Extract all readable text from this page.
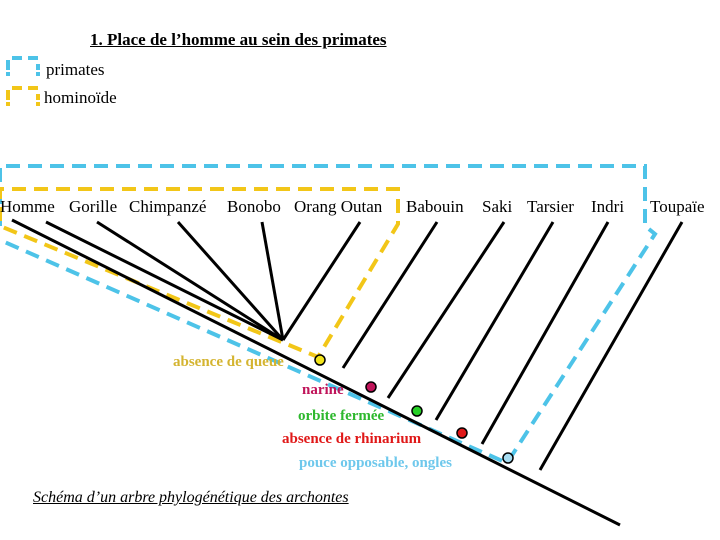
1. Place de l’homme au sein des primates
primates
hominoïde
Homme Gorille Chimpanzé Bonobo Orang Outan Babouin Saki Tarsier Indri Toupaïe
absence de queue
narine
orbite fermée
absence de rhinarium
pouce opposable, ongles
Schéma d’un arbre phylogénétique des archontes
